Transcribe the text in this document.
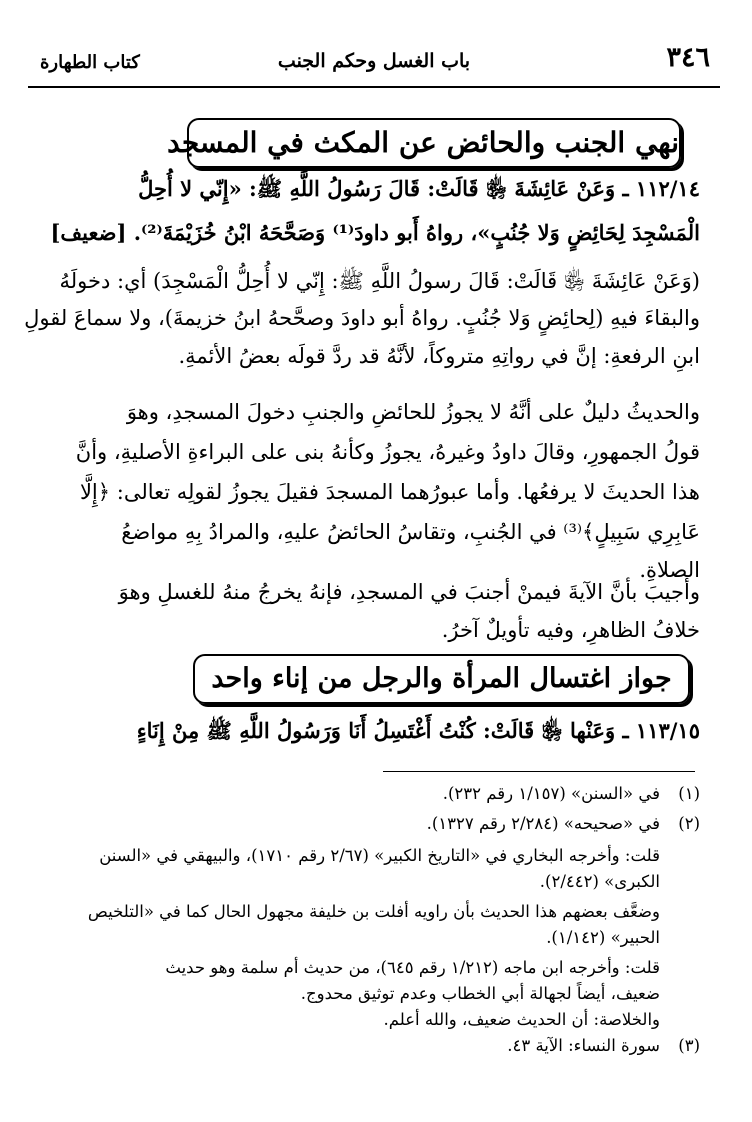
٣٤٦
باب الغسل وحكم الجنب
كتاب الطهارة
نهي الجنب والحائض عن المكث في المسجد
١١٢/١٤ ـ وَعَنْ عَائِشَةَ ﵂ قَالَتْ: قَالَ رَسُولُ اللَّهِ ﷺ: «إِنّي لا أُحِلُّ
الْمَسْجِدَ لِحَائِضٍ وَلا جُنُبٍ»، رواهُ أَبو داودَ⁽¹⁾ وَصَحَّحَهُ ابْنُ خُزَيْمَةَ⁽²⁾. [ضعيف]
(وَعَنْ عَائِشَةَ ﵂ قَالَتْ: قَالَ رسولُ اللَّهِ ﷺ: إِنّي لا أُحِلُّ الْمَسْجِدَ) أي: دخولَهُ
والبقاءَ فيهِ (لِحائِضٍ وَلا جُنُبٍ. رواهُ أبو داودَ وصحَّحهُ ابنُ خزيمةَ)، ولا سماعَ لقولِ
ابنِ الرفعةِ: إنَّ في رواتِهِ متروكاً، لأنَّهُ قد ردَّ قولَه بعضُ الأئمةِ.
والحديثُ دليلٌ على أنَّهُ لا يجوزُ للحائضِ والجنبِ دخولَ المسجدِ، وهوَ
قولُ الجمهورِ، وقالَ داودُ وغيرهُ، يجوزُ وكأنهُ بنى على البراءةِ الأصليةِ، وأنَّ
هذا الحديثَ لا يرفعُها. وأما عبورُهما المسجدَ فقيلَ يجوزُ لقولِه تعالى: ﴿إِلَّا
عَابِرِي سَبِيلٍ﴾⁽³⁾ في الجُنبِ، وتقاسُ الحائضُ عليهِ، والمرادُ بِهِ مواضعُ
الصلاةِ.
وأجيبَ بأنَّ الآيةَ فيمنْ أجنبَ في المسجدِ، فإنهُ يخرجُ منهُ للغسلِ وهوَ
خلافُ الظاهرِ، وفيه تأويلٌ آخرُ.
جواز اغتسال المرأة والرجل من إناء واحد
١١٣/١٥ ـ وَعَنْها ﵂ قَالَتْ: كُنْتُ أَغْتَسِلُ أَنَا وَرَسُولُ اللَّهِ ﷺ مِنْ إِنَاءٍ
(١)
في «السنن» (١/١٥٧ رقم ٢٣٢).
(٢)
في «صحيحه» (٢/٢٨٤ رقم ١٣٢٧).
قلت: وأخرجه البخاري في «التاريخ الكبير» (٢/٦٧ رقم ١٧١٠)، والبيهقي في «السنن
الكبرى» (٢/٤٤٢).
وضعَّف بعضهم هذا الحديث بأن راويه أفلت بن خليفة مجهول الحال كما في «التلخيص
الحبير» (١/١٤٢).
قلت: وأخرجه ابن ماجه (١/٢١٢ رقم ٦٤٥)، من حديث أم سلمة وهو حديث
ضعيف، أيضاً لجهالة أبي الخطاب وعدم توثيق محدوج.
والخلاصة: أن الحديث ضعيف، والله أعلم.
(٣)
سورة النساء: الآية ٤٣.
